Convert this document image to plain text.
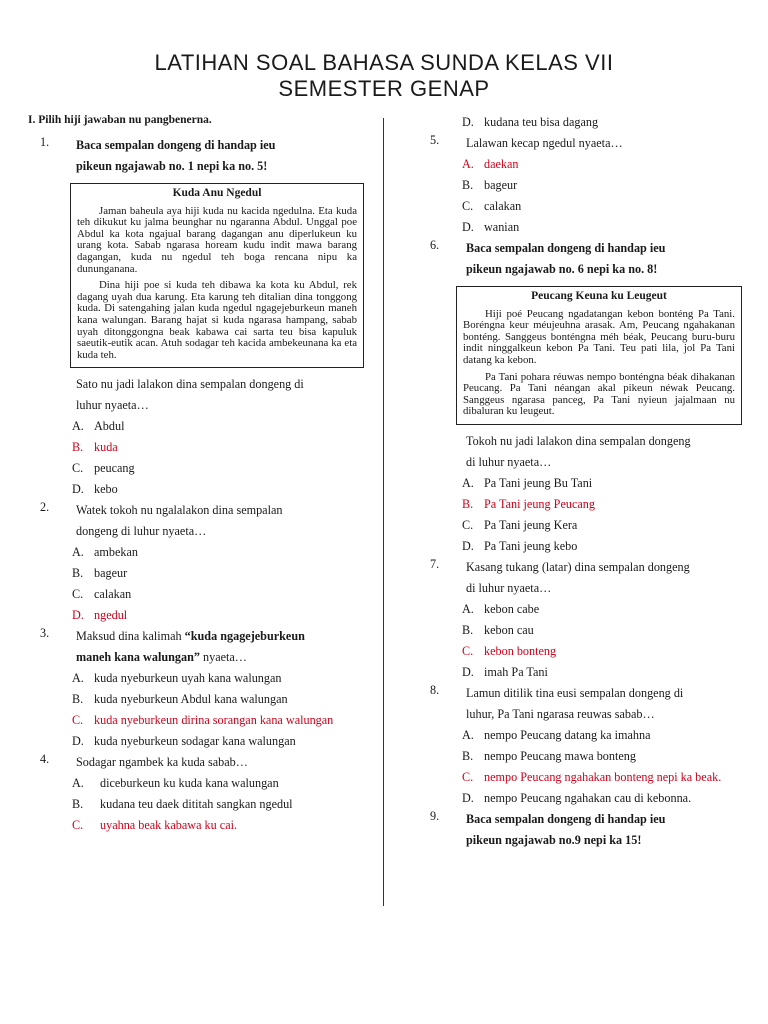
LATIHAN SOAL BAHASA SUNDA KELAS VII
SEMESTER GENAP
I. Pilih hiji jawaban nu pangbenerna.
1.	Baca sempalan dongeng di handap ieu
pikeun ngajawab no. 1 nepi ka no. 5!
Kuda Anu Ngedul

Jaman baheula aya hiji kuda nu kacida ngedulna. Eta kuda teh dikukut ku jalma beunghar nu ngaranna Abdul. Unggal poe Abdul ka kota ngajual barang dagangan anu diperlukeun ku urang kota. Sabab ngarasa hoream kudu indit mawa barang dagangan, kuda nu ngedul teh boga rencana nipu ka dununganana.

Dina hiji poe si kuda teh dibawa ka kota ku Abdul, rek dagang uyah dua karung. Eta karung teh ditalian dina tonggong kuda. Di satengahing jalan kuda ngedul ngagejeburkeun maneh kana walungan. Barang hajat si kuda ngarasa hampang, sabab uyah ditonggongna beak kabawa cai sarta teu bisa kapuluk saeutik-eutik acan. Atuh sodagar teh kacida ambekeunana ka eta kuda teh.

Sato nu jadi lalakon dina sempalan dongeng di
luhur nyaeta…
A. Abdul
B. kuda
C. peucang
D. kebo
2.	Watek tokoh nu ngalalakon dina sempalan
dongeng di luhur nyaeta…
A. ambekan
B. bageur
C. calakan
D. ngedul
3.	Maksud dina kalimah “kuda ngagejeburkeun
maneh kana walungan” nyaeta…
A. kuda nyeburkeun uyah kana walungan
B. kuda nyeburkeun Abdul kana walungan
C. kuda nyeburkeun dirina sorangan kana walungan
D. kuda nyeburkeun sodagar kana walungan
4.	Sodagar ngambek ka kuda sabab…
A.	diceburkeun ku kuda kana walungan
B.	kudana teu daek dititah sangkan ngedul
C.	uyahna beak kabawa ku cai.
D. kudana teu bisa dagang
5.	Lalawan kecap ngedul nyaeta…
A. daekan
B. bageur
C. calakan
D. wanian
6.	Baca sempalan dongeng di handap ieu
pikeun ngajawab no. 6 nepi ka no. 8!
Peucang Keuna ku Leugeut

Hiji poé Peucang ngadatangan kebon bonténg Pa Tani. Boréngna keur méujeuhna arasak. Am, Peucang ngahakanan bonténg. Sanggeus bonténgna méh béak, Peucang buru-buru indit ninggalkeun kebon Pa Tani. Teu pati lila, jol Pa Tani datang ka kebon.

Pa Tani pohara réuwas nempo bonténgna béak dihakanan Peucang. Pa Tani néangan akal pikeun néwak Peucang. Sanggeus ngarasa panceg, Pa Tani nyieun jajalmaan nu dibaluran ku leugeut.

Tokoh nu jadi lalakon dina sempalan dongeng
di luhur nyaeta…
A. Pa Tani jeung Bu Tani
B. Pa Tani jeung Peucang
C. Pa Tani jeung Kera
D. Pa Tani jeung kebo
7.	Kasang tukang (latar) dina sempalan dongeng
di luhur nyaeta…
A. kebon cabe
B. kebon cau
C. kebon bonteng
D. imah Pa Tani
8.	Lamun ditilik tina eusi sempalan dongeng di
luhur, Pa Tani ngarasa reuwas sabab…
A. nempo Peucang datang ka imahna
B. nempo Peucang mawa bonteng
C. nempo Peucang ngahakan bonteng nepi ka beak.
D. nempo Peucang ngahakan cau di kebonna.
9.	Baca sempalan dongeng di handap ieu
pikeun ngajawab no.9 nepi ka 15!
